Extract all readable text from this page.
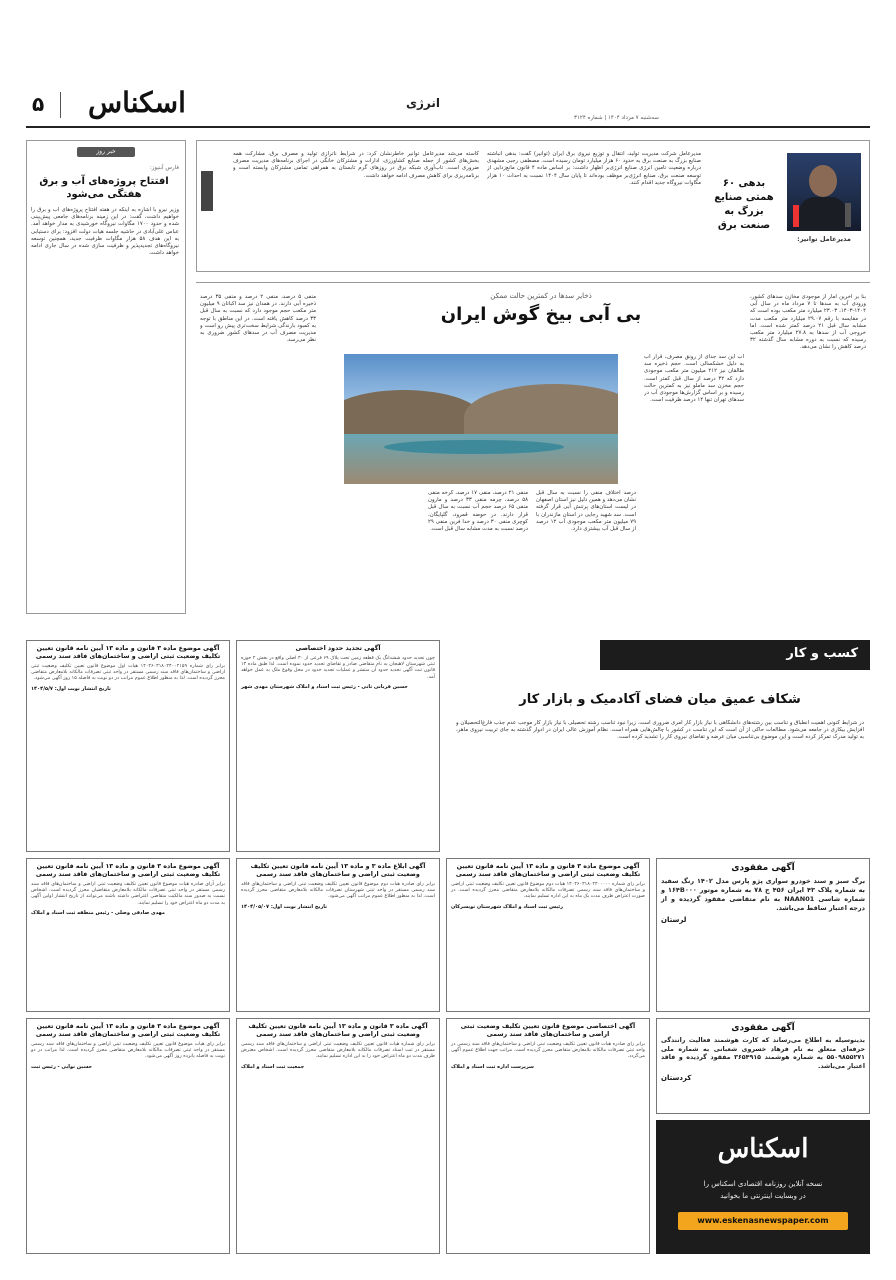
۵ اسکناس	انرژی
سه‌شنبه ۷ مرداد ۱۴۰۴ | شماره ۳۱۲۴
مدیرعامل توانیر:
بدهی ۶۰ همتی صنایع بزرگ به صنعت برق
مدیرعامل شرکت مدیریت تولید، انتقال و توزیع نیروی برق ایران (توانیر) گفت: بدهی انباشته صنایع بزرگ به صنعت برق به حدود ۶۰ هزار میلیارد تومان رسیده است. مصطفی رجبی مشهدی درباره وضعیت تامین انرژی صنایع انرژی‌بر اظهار داشت: بر اساس ماده ۴ قانون مانع‌زدایی از توسعه صنعت برق، صنایع انرژی‌بر موظف بوده‌اند تا پایان سال ۱۴۰۴ نسبت به احداث ۱۰ هزار مگاوات نیروگاه جدید اقدام کنند.
کاسته می‌شد مدیرعامل توانیر خاطرنشان کرد: در شرایط ناترازی تولید و مصرف برق، مشارکت همه بخش‌های کشور از جمله صنایع کشاورزی، ادارات و مشترکان خانگی در اجرای برنامه‌های مدیریت مصرف ضروری است. تاب‌آوری شبکه برق در روزهای گرم تابستان به همراهی تمامی مشترکان وابسته است و برنامه‌ریزی برای کاهش مصرف ادامه خواهد داشت.
خبر روز
فارس آبنیوز:
افتتاح پروژه‌های آب و برق هفتگی می‌شود
وزیر نیرو با اشاره به اینکه در هفته افتتاح پروژه‌های آب و برق را خواهیم داشت، گفت: در این زمینه برنامه‌های جامعی پیش‌بینی شده و حدود ۱۷۰۰ مگاوات نیروگاه خورشیدی به مدار خواهد آمد. عباس علی‌آبادی در حاشیه جلسه هیات دولت افزود: برای دستیابی به این هدف ۵۸ هزار مگاوات ظرفیت جدید، همچنین توسعه نیروگاه‌های تجدیدپذیر و ظرفیت سازی شده در سال جاری ادامه خواهد داشت.
بنا بر آخرین آمار از موجودی مخازن سدهای کشور، ورودی آب به سدها تا ۷ مرداد ماه در سال آبی ۱۴۰۴-۱۴۰۳، ۲۳.۰۳ میلیارد متر مکعب بوده است که در مقایسه با رقم ۲۹.۰۷ میلیارد متر مکعب مدت مشابه سال قبل ۲۱ درصد کمتر شده است. اما خروجی آب از سدها به ۲۷.۸ میلیارد متر مکعب رسیده که نسبت به دوره مشابه سال گذشته ۳۲ درصد کاهش را نشان می‌دهد.
ذخایر سدها در کمترین حالت ممکن
بی آبی بیخ گوش ایران
آب این سد جدای از رونق مصرف، قرار آب به دلیل خشکسالی است. حجم ذخیره سد طالقان نیز ۲۱۲ میلیون متر مکعب موجودی دارد که ۳۲ درصد از سال قبل کمتر است. حجم مخزن سد ماملو نیز به کمترین حالت رسیده و بر اساس گزارش‌ها موجودی آب در سدهای تهران تنها ۱۴ درصد ظرفیت است.
درصد اختلاف منفی را نسبت به سال قبل نشان می‌دهد و همین دلیل نیز استان اصفهان در لیست استان‌های پرتنش آبی قرار گرفته است. سد شهید رجایی در استان مازندران با ۷۹ میلیون متر مکعب موجودی آب ۱۲ درصد از سال قبل آب بیشتری دارد.
منفی ۲۱ درصد، منفی ۱۷ درصد، کرخه منفی ۵۸ درصد، چرمه منفی ۳۳ درصد و مارون منفی ۶۵ درصد حجم آب نسبت به سال قبل قرار دارند. در حوضه قمرود، گلپایگان، کوچری منفی ۳۰ درصد و خدا فرین منفی ۲۹ درصد نسبت به مدت مشابه سال قبل است.
منفی ۵ درصد، منفی ۲ درصد و منفی ۳۵ درصد ذخیره آبی دارند. در همدان نیز سد اکباتان ۹ میلیون متر مکعب حجم موجود دارد که نسبت به سال قبل ۳۳ درصد کاهش یافته است. در این مناطق با توجه به کمبود بارندگی شرایط سخت‌تری پیش رو است و مدیریت مصرف آب در سدهای کشور ضروری به نظر می‌رسد.
کسب و کار
شکاف عمیق میان فضای آکادمیک و بازار کار
در شرایط کنونی اهمیت انطباق و تناسب بین رشته‌های دانشگاهی با نیاز بازار کار امری ضروری است. زیرا نبود تناسب رشته تحصیلی با نیاز بازار کار موجب عدم جذب فارغ‌التحصیلان و افزایش بیکاری در جامعه می‌شود. مطالعات حاکی از آن است که این تناسب در کشور با چالش‌هایی همراه است. نظام آموزش عالی ایران در ادوار گذشته به جای تربیت نیروی ماهر، به تولید مدرک تمرکز کرده است و این موضوع بی‌تناسبی میان عرضه و تقاضای نیروی کار را تشدید کرده است.
آگهی موضوع ماده ۳ قانون و ماده ۱۳ آیین نامه قانون تعیین تکلیف وضعیت ثبتی اراضی و ساختمان‌های فاقد سند رسمی

برابر رای شماره ۱۴۰۴۶۰۳۱۸۰۲۴۰۰۲۱۵۹ هیات اول موضوع قانون تعیین تکلیف وضعیت ثبتی اراضی و ساختمان‌های فاقد سند رسمی مستقر در واحد ثبتی تصرفات مالکانه بلامعارض متقاضی محرز گردیده است. لذا به منظور اطلاع عموم مراتب در دو نوبت به فاصله ۱۵ روز آگهی می‌شود.

تاریخ انتشار نوبت اول: ۱۴۰۴/۵/۷
آگهی تحدید حدود اختصاصی

چون تحدید حدود ششدانگ یک قطعه زمین تحت پلاک ۶۹ فرعی از ۳۰ اصلی واقع در بخش ۲ حوزه ثبتی شهرستان لاهیجان به نام متقاضی صادر و تقاضای تحدید حدود نموده است. لذا طبق ماده ۱۳ قانون ثبت آگهی تحدید حدود آن منتشر و عملیات تحدید حدود در محل وقوع ملک به عمل خواهد آمد.

حسین قربانی ثانی - رئیس ثبت اسناد و املاک شهرستان مهدی شهر
آگهی موضوع ماده ۳ قانون و ماده ۱۳ آیین نامه قانون تعیین تکلیف وضعیت ثبتی اراضی و ساختمان‌های فاقد سند رسمی

برابر آرای صادره هیات موضوع قانون تعیین تکلیف وضعیت ثبتی اراضی و ساختمان‌های فاقد سند رسمی مستقر در واحد ثبتی تصرفات مالکانه بلامعارض متقاضیان محرز گردیده است. اشخاص نسبت به صدور سند مالکیت متقاضی اعتراضی داشته باشند می‌توانند از تاریخ انتشار اولین آگهی به مدت دو ماه اعتراض خود را تسلیم نمایند.

مهدی صادقی وصلی - رئیس منطقه ثبت اسناد و املاک
آگهی ابلاغ ماده ۳ و ماده ۱۳ آیین نامه قانون تعیین تکلیف وضعیت ثبتی اراضی و ساختمان‌های فاقد سند رسمی

برابر رای صادره هیات دوم موضوع قانون تعیین تکلیف وضعیت ثبتی اراضی و ساختمان‌های فاقد سند رسمی مستقر در واحد ثبتی شهرستان تصرفات مالکانه بلامعارض متقاضی محرز گردیده است. لذا به منظور اطلاع عموم مراتب آگهی می‌شود.

تاریخ انتشار نوبت اول: ۱۴۰۴/۰۵/۰۷
آگهی موضوع ماده ۳ قانون و ماده ۱۳ آیین نامه قانون تعیین تکلیف وضعیت ثبتی اراضی و ساختمان‌های فاقد سند رسمی

برابر رای شماره ۱۴۰۴۶۰۳۱۸۰۲۴۰۰۰۰۰ هیات دوم موضوع قانون تعیین تکلیف وضعیت ثبتی اراضی و ساختمان‌های فاقد سند رسمی تصرفات مالکانه بلامعارض متقاضی محرز گردیده است. در صورت اعتراض ظرف مدت یک ماه به این اداره تسلیم نمایند.

رئیس ثبت اسناد و املاک شهرستان تویسرکان
آگهی مفقودی

برگ سبز و سند خودرو سواری پژو پارس مدل ۱۴۰۲ رنگ سفید به شماره پلاک ۴۳ ایران ۴۵۶ ج ۷۸ به شماره موتور ۱۶۴B۰۰۰ و شماره شاسی NAAN01 به نام متقاضی مفقود گردیده و از درجه اعتبار ساقط می‌باشد.

لرستان
آگهی موضوع ماده ۳ قانون و ماده ۱۳ آیین نامه قانون تعیین تکلیف وضعیت ثبتی اراضی و ساختمان‌های فاقد سند رسمی

برابر رای هیات موضوع قانون تعیین تکلیف وضعیت ثبتی اراضی و ساختمان‌های فاقد سند رسمی مستقر در واحد ثبتی تصرفات مالکانه بلامعارض متقاضی محرز گردیده است. لذا مراتب در دو نوبت به فاصله پانزده روز آگهی می‌شود.

حسین نوایی - رئیس ثبت
آگهی ماده ۳ قانون و ماده ۱۳ آیین نامه قانون تعیین تکلیف وضعیت ثبتی اراضی و ساختمان‌های فاقد سند رسمی

برابر رای شماره هیات قانون تعیین تکلیف وضعیت ثبتی اراضی و ساختمان‌های فاقد سند رسمی مستقر در ثبت اسناد تصرفات مالکانه بلامعارض متقاضی محرز گردیده است. اشخاص معترض ظرف مدت دو ماه اعتراض خود را به این اداره تسلیم نمایند.

جمعیت ثبت اسناد و املاک
آگهی اختصاصی موضوع قانون تعیین تکلیف وضعیت ثبتی اراضی و ساختمان‌های فاقد سند رسمی

برابر رای صادره هیات قانون تعیین تکلیف وضعیت ثبتی اراضی و ساختمان‌های فاقد سند رسمی در واحد ثبتی تصرفات مالکانه بلامعارض متقاضی محرز گردیده است. مراتب جهت اطلاع عموم آگهی می‌گردد.

سرپرست اداره ثبت اسناد و املاک
آگهی مفقودی

بدینوسیله به اطلاع می‌رساند که کارت هوشمند فعالیت رانندگی حرفه‌ای متعلق به نام فرهاد خسروی شعبانی به شماره ملی ۵۵۰۹۸۵۵۲۷۱ به شماره هوشمند ۳۶۵۴۹۱۵ مفقود گردیده و فاقد اعتبار می‌باشد.

کردستان
اسکناس
نسخه آنلاین روزنامه اقتصادی اسکناس را
در وبسایت اینترنتی ما بخوانید
www.eskenasnewspaper.com
